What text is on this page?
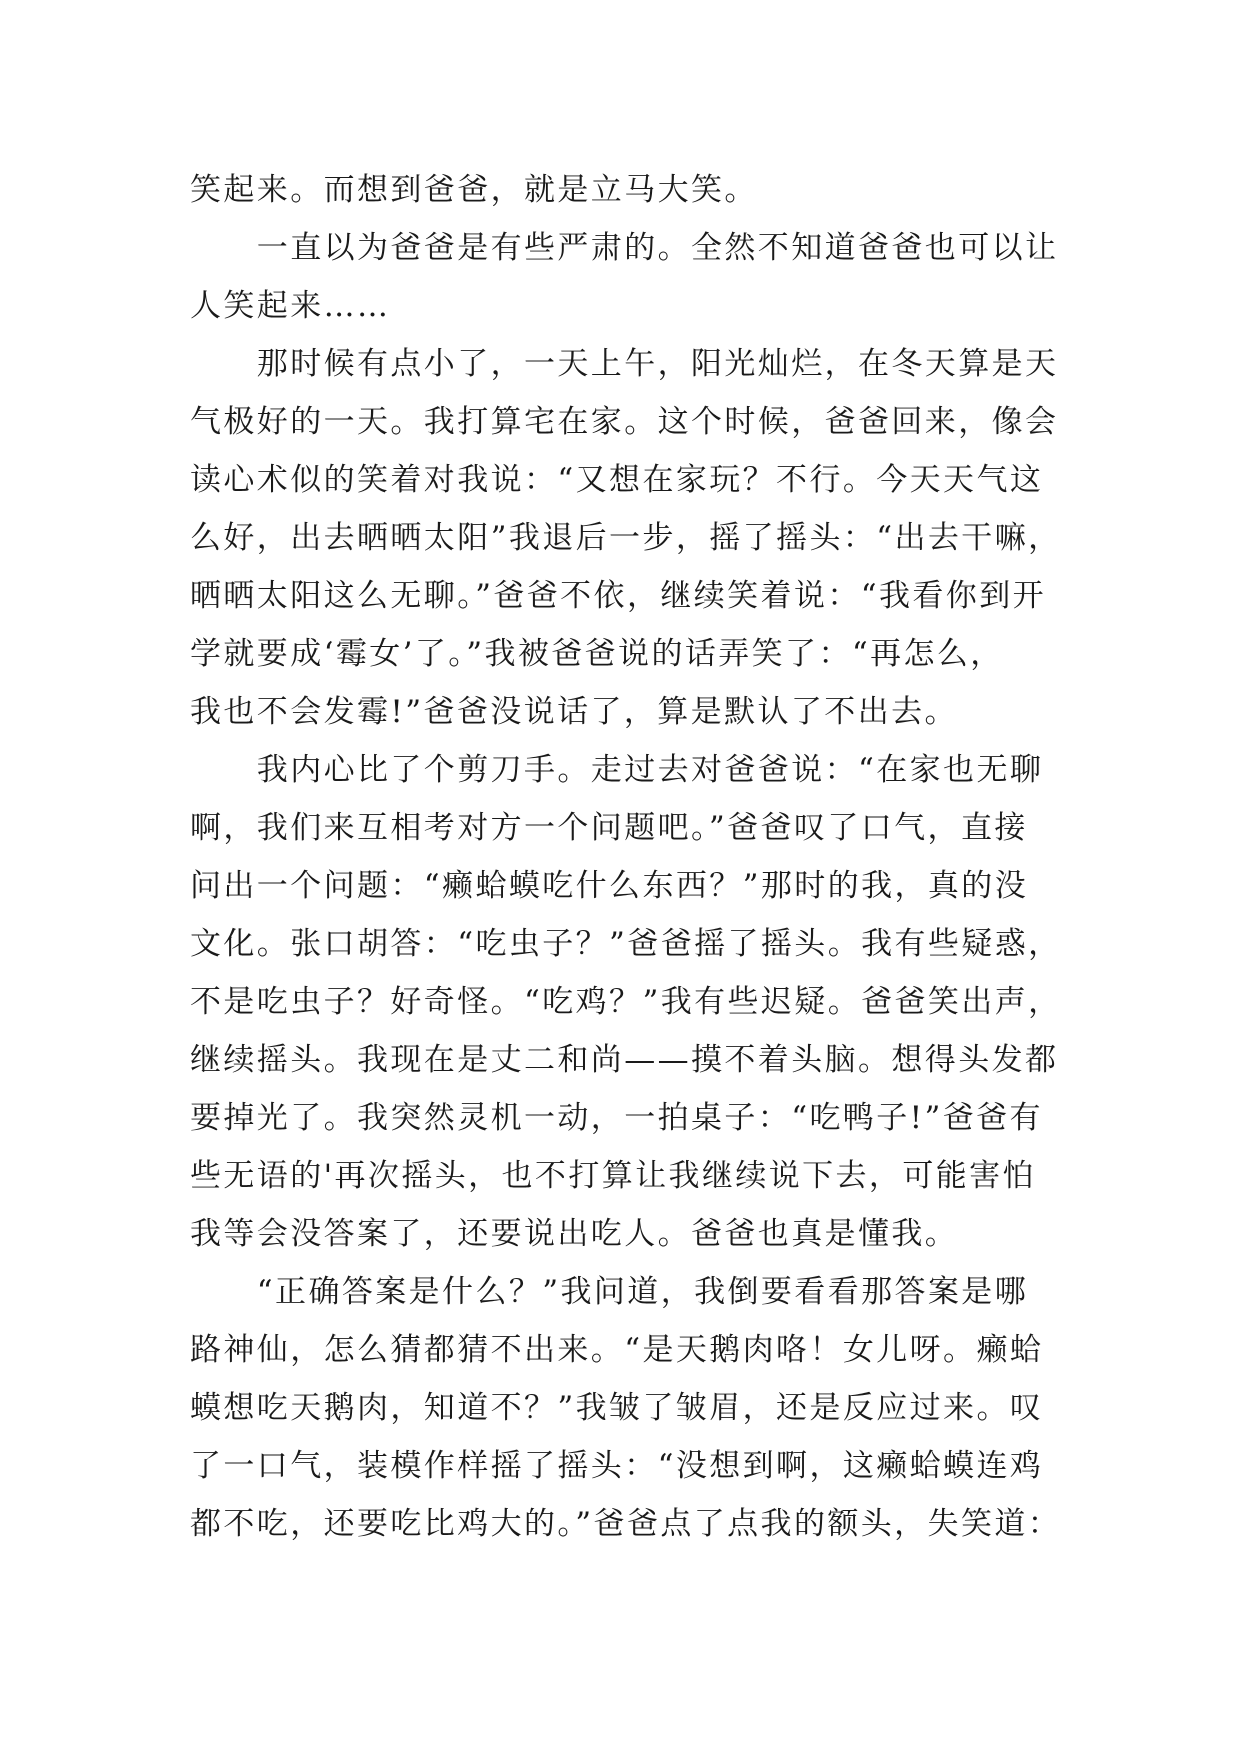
笑起来。而想到爸爸，就是立马大笑。
　　一直以为爸爸是有些严肃的。全然不知道爸爸也可以让
人笑起来……
　　那时候有点小了，一天上午，阳光灿烂，在冬天算是天
气极好的一天。我打算宅在家。这个时候，爸爸回来，像会
读心术似的笑着对我说：“又想在家玩？不行。今天天气这
么好，出去晒晒太阳”我退后一步，摇了摇头：“出去干嘛，
晒晒太阳这么无聊。”爸爸不依，继续笑着说：“我看你到开
学就要成‘霉女’了。”我被爸爸说的话弄笑了：“再怎么，
我也不会发霉!”爸爸没说话了，算是默认了不出去。
　　我内心比了个剪刀手。走过去对爸爸说：“在家也无聊
啊，我们来互相考对方一个问题吧。”爸爸叹了口气，直接
问出一个问题：“癞蛤蟆吃什么东西？”那时的我，真的没
文化。张口胡答：“吃虫子？”爸爸摇了摇头。我有些疑惑，
不是吃虫子？好奇怪。“吃鸡？”我有些迟疑。爸爸笑出声，
继续摇头。我现在是丈二和尚——摸不着头脑。想得头发都
要掉光了。我突然灵机一动，一拍桌子：“吃鸭子!”爸爸有
些无语的'再次摇头，也不打算让我继续说下去，可能害怕
我等会没答案了，还要说出吃人。爸爸也真是懂我。
　　“正确答案是什么？”我问道，我倒要看看那答案是哪
路神仙，怎么猜都猜不出来。“是天鹅肉咯！女儿呀。癞蛤
蟆想吃天鹅肉，知道不？”我皱了皱眉，还是反应过来。叹
了一口气，装模作样摇了摇头：“没想到啊，这癞蛤蟆连鸡
都不吃，还要吃比鸡大的。”爸爸点了点我的额头，失笑道：
